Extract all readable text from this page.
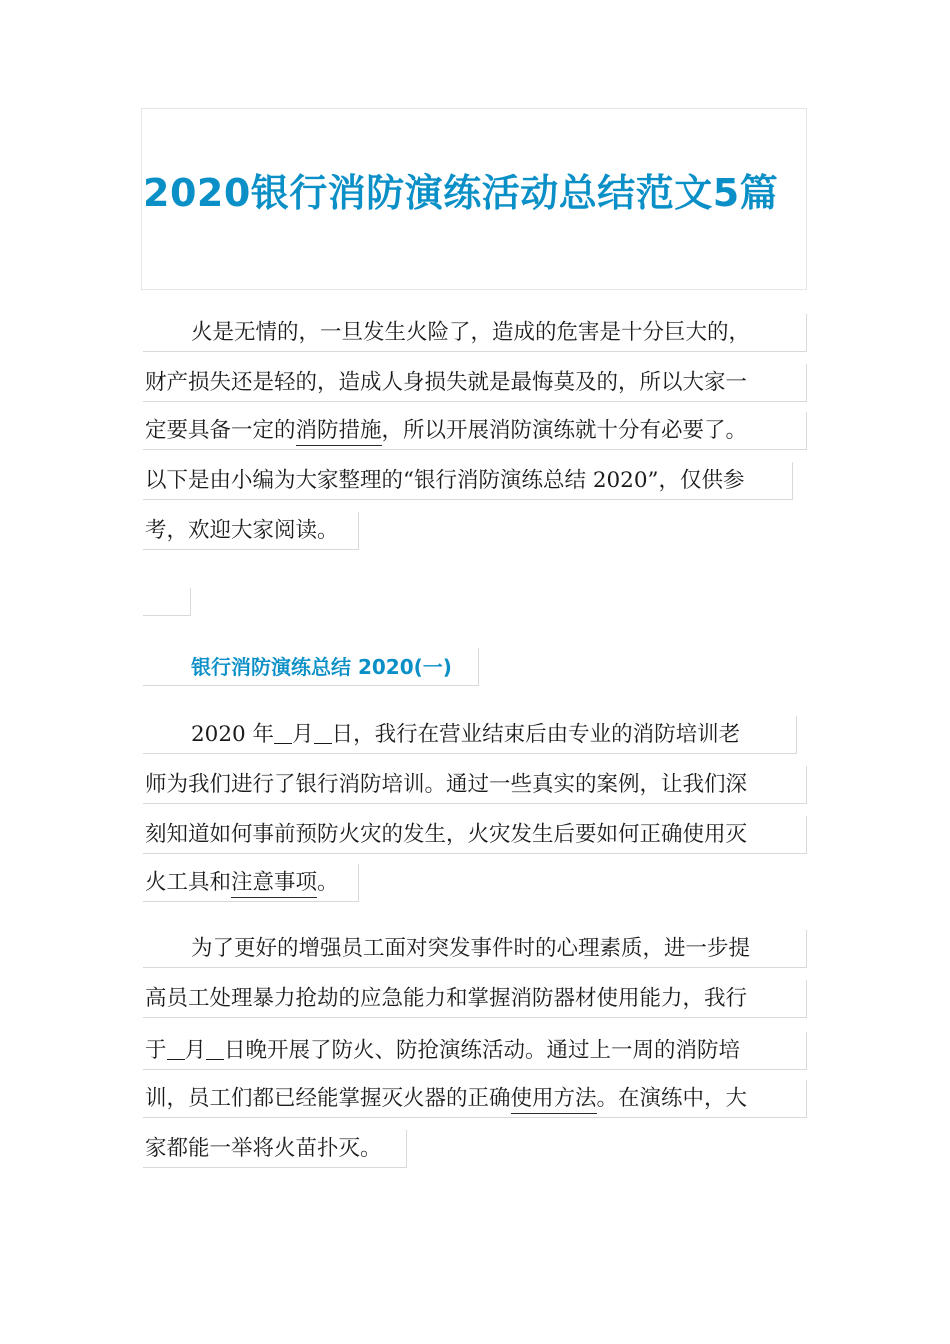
2020银行消防演练活动总结范文5篇
火是无情的，一旦发生火险了，造成的危害是十分巨大的，
财产损失还是轻的，造成人身损失就是最悔莫及的，所以大家一
定要具备一定的消防措施，所以开展消防演练就十分有必要了。
以下是由小编为大家整理的“银行消防演练总结 2020”，仅供参
考，欢迎大家阅读。
银行消防演练总结 2020(一)
2020 年 月 日，我行在营业结束后由专业的消防培训老
师为我们进行了银行消防培训。通过一些真实的案例，让我们深
刻知道如何事前预防火灾的发生，火灾发生后要如何正确使用灭
火工具和注意事项。
为了更好的增强员工面对突发事件时的心理素质，进一步提
高员工处理暴力抢劫的应急能力和掌握消防器材使用能力，我行
于 月 日晚开展了防火、防抢演练活动。通过上一周的消防培
训，员工们都已经能掌握灭火器的正确使用方法。在演练中，大
家都能一举将火苗扑灭。
